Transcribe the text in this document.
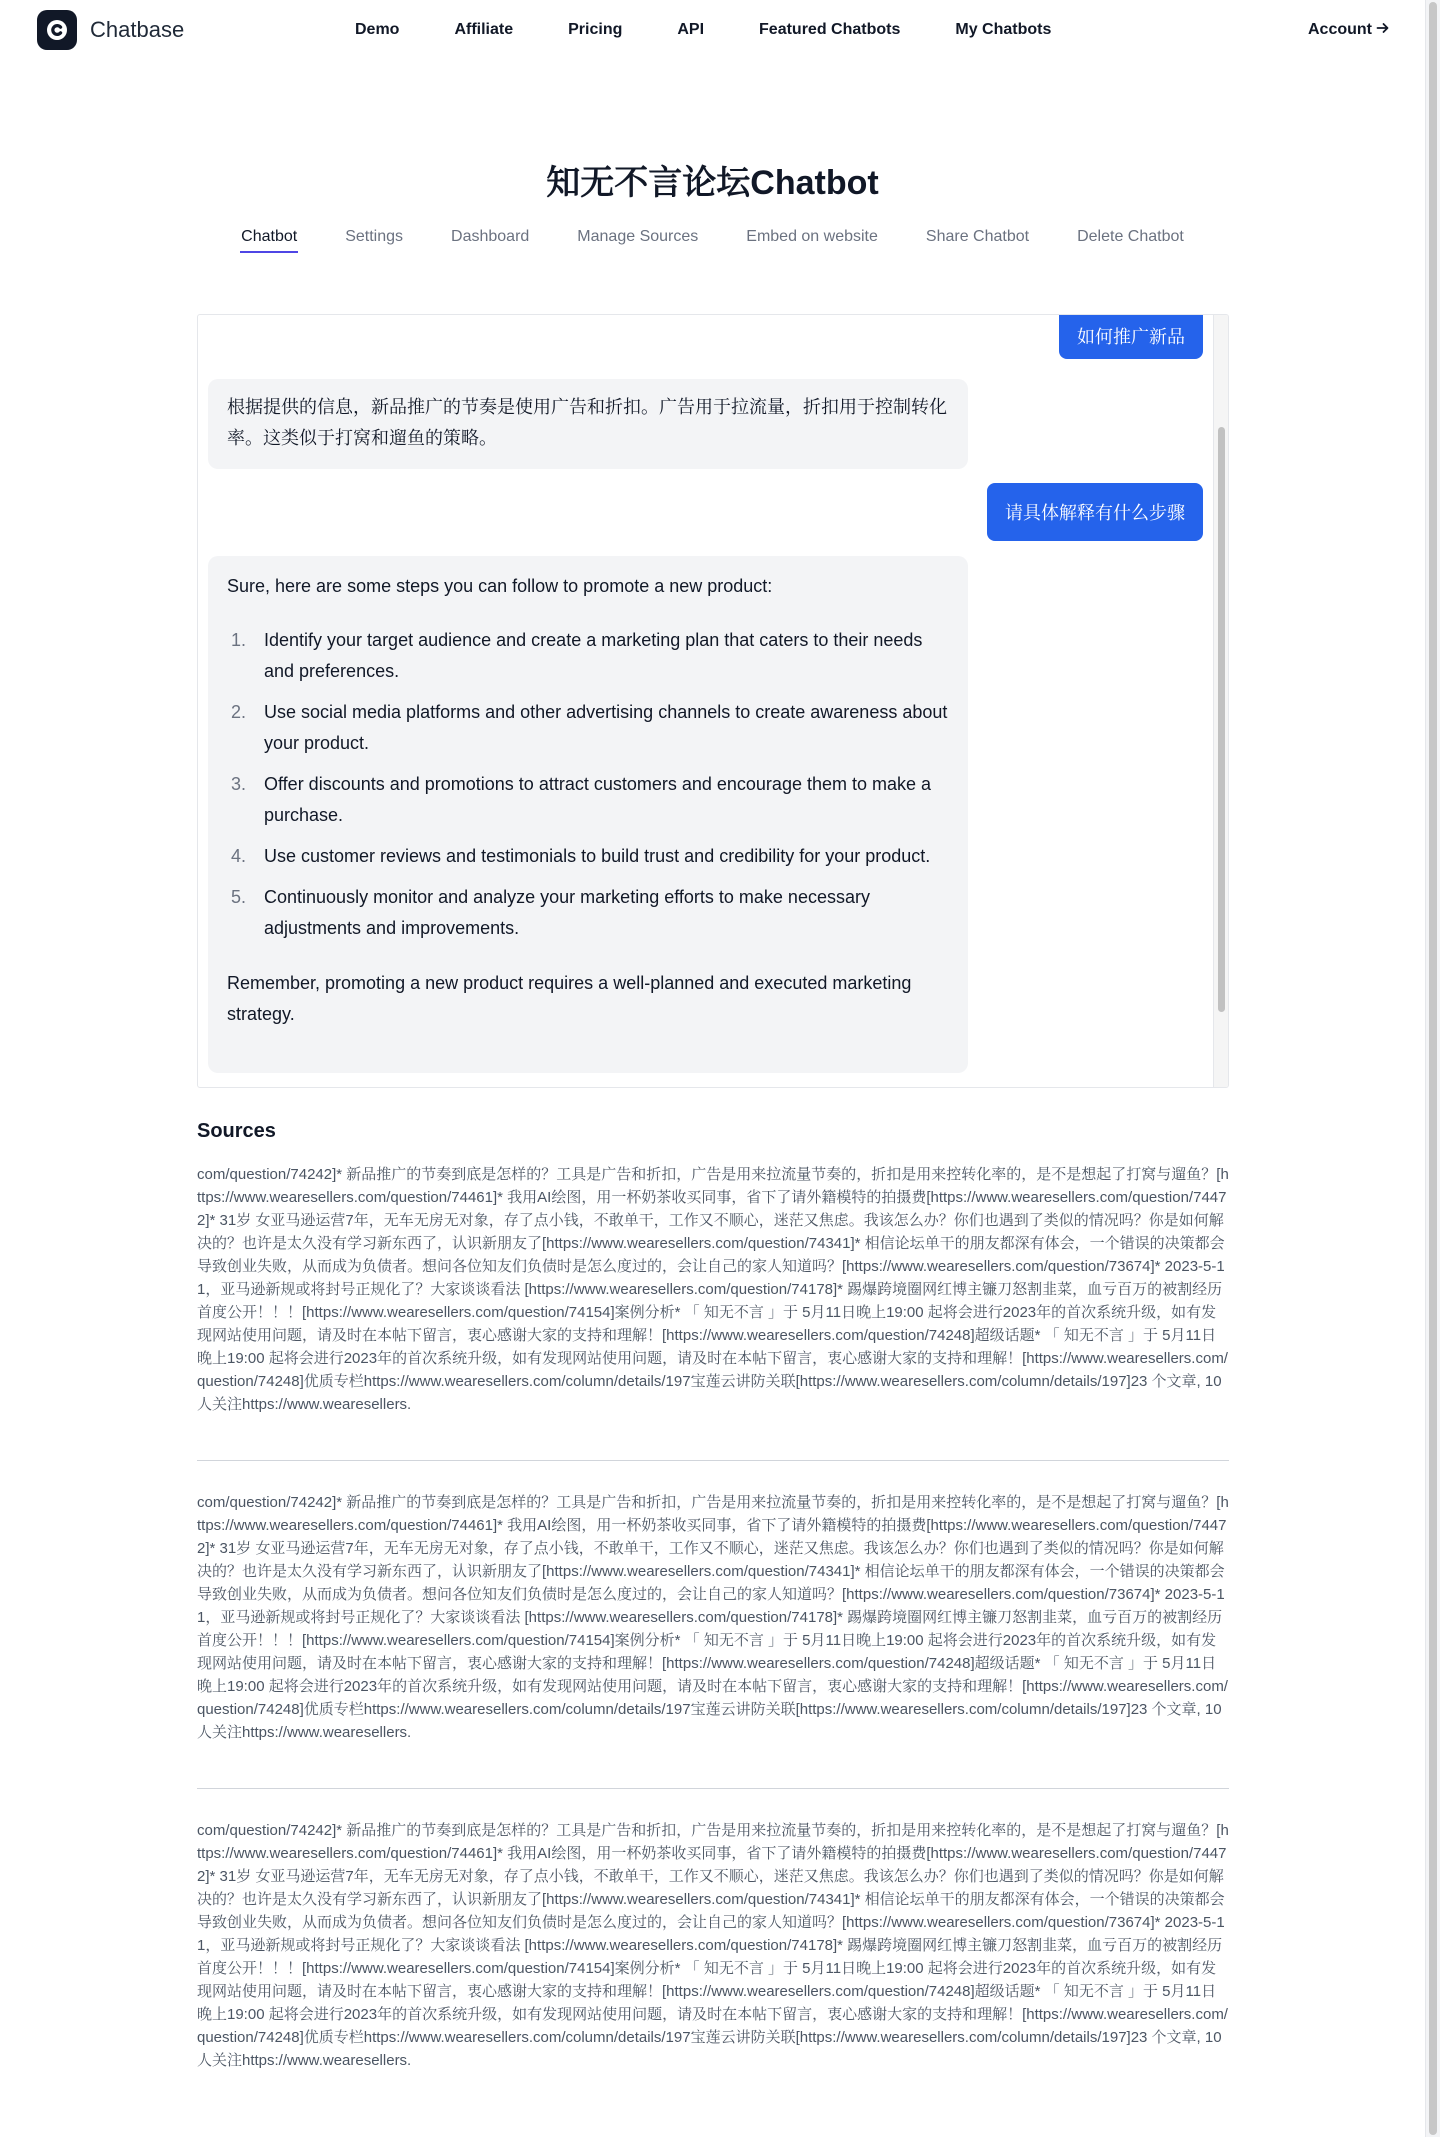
Chatbase	Demo	Affiliate	Pricing	API	Featured Chatbots	My Chatbots	Account
知无不言论坛Chatbot
Chatbot	Settings	Dashboard	Manage Sources	Embed on website	Share Chatbot	Delete Chatbot
如何推广新品

根据提供的信息，新品推广的节奏是使用广告和折扣。广告用于拉流量，折扣用于控制转化率。这类似于打窝和遛鱼的策略。

请具体解释有什么步骤

Sure, here are some steps you can follow to promote a new product:

1. Identify your target audience and create a marketing plan that caters to their needs and preferences.
2. Use social media platforms and other advertising channels to create awareness about your product.
3. Offer discounts and promotions to attract customers and encourage them to make a purchase.
4. Use customer reviews and testimonials to build trust and credibility for your product.
5. Continuously monitor and analyze your marketing efforts to make necessary adjustments and improvements.

Remember, promoting a new product requires a well-planned and executed marketing strategy.

Sources
com/question/74242]* 新品推广的节奏到底是怎样的？工具是广告和折扣，广告是用来拉流量节奏的，折扣是用来控转化率的，是不是想起了打窝与遛鱼？[https://www.wearesellers.com/question/74461]* 我用AI绘图，用一杯奶茶收买同事，省下了请外籍模特的拍摄费[https://www.wearesellers.com/question/74472]* 31岁 女亚马逊运营7年，无车无房无对象，存了点小钱，不敢单干，工作又不顺心，迷茫又焦虑。我该怎么办？你们也遇到了类似的情况吗？你是如何解决的？也许是太久没有学习新东西了，认识新朋友了[https://www.wearesellers.com/question/74341]* 相信论坛单干的朋友都深有体会，一个错误的决策都会导致创业失败，从而成为负债者。想问各位知友们负债时是怎么度过的，会让自己的家人知道吗？[https://www.wearesellers.com/question/73674]* 2023-5-11，亚马逊新规或将封号正规化了？大家谈谈看法 [https://www.wearesellers.com/question/74178]* 踢爆跨境圈网红博主镰刀怒割韭菜，血亏百万的被割经历首度公开！！！[https://www.wearesellers.com/question/74154]案例分析* 「 知无不言 」于 5月11日晚上19:00 起将会进行2023年的首次系统升级，如有发现网站使用问题，请及时在本帖下留言，衷心感谢大家的支持和理解！[https://www.wearesellers.com/question/74248]超级话题* 「 知无不言 」于 5月11日晚上19:00 起将会进行2023年的首次系统升级，如有发现网站使用问题，请及时在本帖下留言，衷心感谢大家的支持和理解！[https://www.wearesellers.com/question/74248]优质专栏https://www.wearesellers.com/column/details/197宝莲云讲防关联[https://www.wearesellers.com/column/details/197]23 个文章, 10 人关注https://www.wearesellers.
com/question/74242]* 新品推广的节奏到底是怎样的？工具是广告和折扣，广告是用来拉流量节奏的，折扣是用来控转化率的，是不是想起了打窝与遛鱼？[https://www.wearesellers.com/question/74461]* 我用AI绘图，用一杯奶茶收买同事，省下了请外籍模特的拍摄费[https://www.wearesellers.com/question/74472]* 31岁 女亚马逊运营7年，无车无房无对象，存了点小钱，不敢单干，工作又不顺心，迷茫又焦虑。我该怎么办？你们也遇到了类似的情况吗？你是如何解决的？也许是太久没有学习新东西了，认识新朋友了[https://www.wearesellers.com/question/74341]* 相信论坛单干的朋友都深有体会，一个错误的决策都会导致创业失败，从而成为负债者。想问各位知友们负债时是怎么度过的，会让自己的家人知道吗？[https://www.wearesellers.com/question/73674]* 2023-5-11，亚马逊新规或将封号正规化了？大家谈谈看法 [https://www.wearesellers.com/question/74178]* 踢爆跨境圈网红博主镰刀怒割韭菜，血亏百万的被割经历首度公开！！！[https://www.wearesellers.com/question/74154]案例分析* 「 知无不言 」于 5月11日晚上19:00 起将会进行2023年的首次系统升级，如有发现网站使用问题，请及时在本帖下留言，衷心感谢大家的支持和理解！[https://www.wearesellers.com/question/74248]超级话题* 「 知无不言 」于 5月11日晚上19:00 起将会进行2023年的首次系统升级，如有发现网站使用问题，请及时在本帖下留言，衷心感谢大家的支持和理解！[https://www.wearesellers.com/question/74248]优质专栏https://www.wearesellers.com/column/details/197宝莲云讲防关联[https://www.wearesellers.com/column/details/197]23 个文章, 10 人关注https://www.wearesellers.
com/question/74242]* 新品推广的节奏到底是怎样的？工具是广告和折扣，广告是用来拉流量节奏的，折扣是用来控转化率的，是不是想起了打窝与遛鱼？[https://www.wearesellers.com/question/74461]* 我用AI绘图，用一杯奶茶收买同事，省下了请外籍模特的拍摄费[https://www.wearesellers.com/question/74472]* 31岁 女亚马逊运营7年，无车无房无对象，存了点小钱，不敢单干，工作又不顺心，迷茫又焦虑。我该怎么办？你们也遇到了类似的情况吗？你是如何解决的？也许是太久没有学习新东西了，认识新朋友了[https://www.wearesellers.com/question/74341]* 相信论坛单干的朋友都深有体会，一个错误的决策都会导致创业失败，从而成为负债者。想问各位知友们负债时是怎么度过的，会让自己的家人知道吗？[https://www.wearesellers.com/question/73674]* 2023-5-11，亚马逊新规或将封号正规化了？大家谈谈看法 [https://www.wearesellers.com/question/74178]* 踢爆跨境圈网红博主镰刀怒割韭菜，血亏百万的被割经历首度公开！！！[https://www.wearesellers.com/question/74154]案例分析* 「 知无不言 」于 5月11日晚上19:00 起将会进行2023年的首次系统升级，如有发现网站使用问题，请及时在本帖下留言，衷心感谢大家的支持和理解！[https://www.wearesellers.com/question/74248]超级话题* 「 知无不言 」于 5月11日晚上19:00 起将会进行2023年的首次系统升级，如有发现网站使用问题，请及时在本帖下留言，衷心感谢大家的支持和理解！[https://www.wearesellers.com/question/74248]优质专栏https://www.wearesellers.com/column/details/197宝莲云讲防关联[https://www.wearesellers.com/column/details/197]23 个文章, 10 人关注https://www.wearesellers.
